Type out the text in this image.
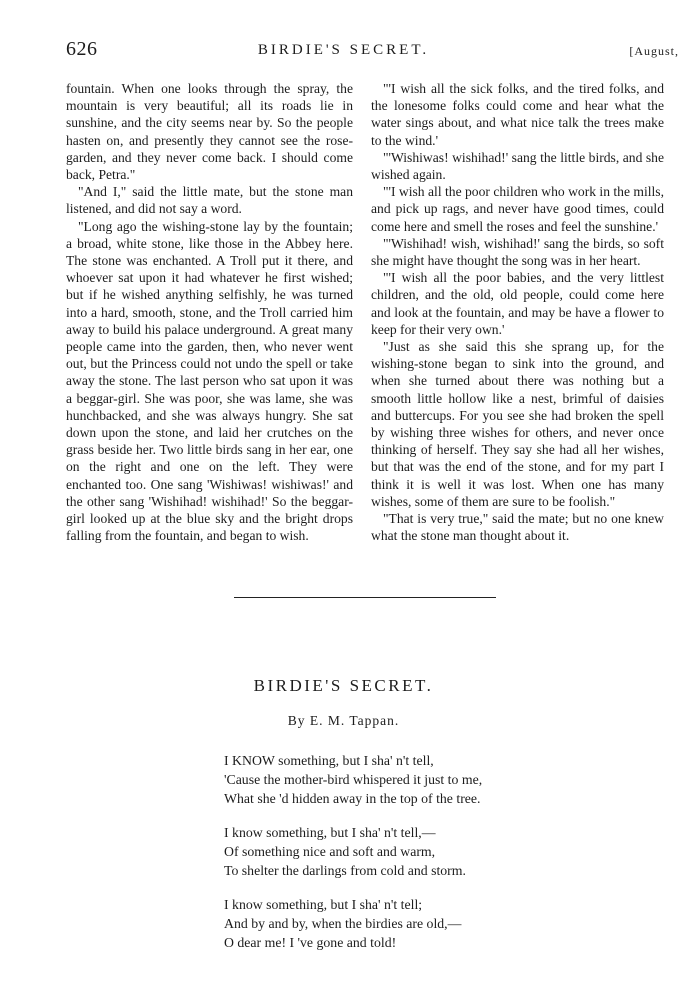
626	BIRDIE'S SECRET.	[August,

fountain. When one looks through the spray, the mountain is very beautiful; all its roads lie in sunshine, and the city seems near by. So the people hasten on, and presently they cannot see the rose-garden, and they never come back. I should come back, Petra."

"And I," said the little mate, but the stone man listened, and did not say a word.

"Long ago the wishing-stone lay by the fountain; a broad, white stone, like those in the Abbey here. The stone was enchanted. A Troll put it there, and whoever sat upon it had whatever he first wished; but if he wished anything selfishly, he was turned into a hard, smooth, stone, and the Troll carried him away to build his palace underground. A great many people came into the garden, then, who never went out, but the Princess could not undo the spell or take away the stone. The last person who sat upon it was a beggar-girl. She was poor, she was lame, she was hunchbacked, and she was always hungry. She sat down upon the stone, and laid her crutches on the grass beside her. Two little birds sang in her ear, one on the right and one on the left. They were enchanted too. One sang 'Wishiwas! wishiwas!' and the other sang 'Wishihad! wishihad!' So the beggar-girl looked up at the blue sky and the bright drops falling from the fountain, and began to wish.

"'I wish all the sick folks, and the tired folks, and the lonesome folks could come and hear what the water sings about, and what nice talk the trees make to the wind.'

"'Wishiwas! wishihad!' sang the little birds, and she wished again.

"'I wish all the poor children who work in the mills, and pick up rags, and never have good times, could come here and smell the roses and feel the sunshine.'

"'Wishihad! wish, wishihad!' sang the birds, so soft she might have thought the song was in her heart.

"'I wish all the poor babies, and the very littlest children, and the old, old people, could come here and look at the fountain, and may be have a flower to keep for their very own.'

"Just as she said this she sprang up, for the wishing-stone began to sink into the ground, and when she turned about there was nothing but a smooth little hollow like a nest, brimful of daisies and buttercups. For you see she had broken the spell by wishing three wishes for others, and never once thinking of herself. They say she had all her wishes, but that was the end of the stone, and for my part I think it is well it was lost. When one has many wishes, some of them are sure to be foolish."

"That is very true," said the mate; but no one knew what the stone man thought about it.

BIRDIE'S SECRET.
By E. M. Tappan.
I KNOW something, but I sha' n't tell,
'Cause the mother-bird whispered it just to me,
What she 'd hidden away in the top of the tree.
I know something, but I sha' n't tell,—
Of something nice and soft and warm,
To shelter the darlings from cold and storm.
I know something, but I sha' n't tell;
And by and by, when the birdies are old,—
O dear me! I 've gone and told!
